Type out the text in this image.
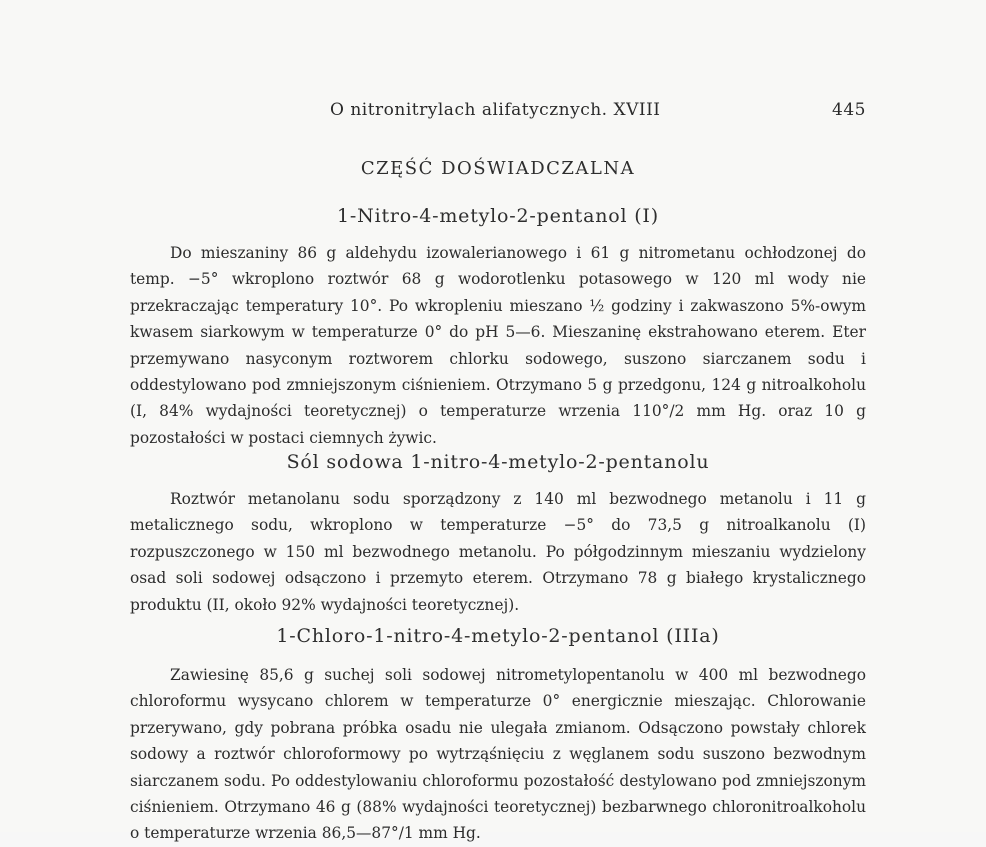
O nitronitrylach alifatycznych. XVIII	445
CZĘŚĆ DOŚWIADCZALNA
1-Nitro-4-metylo-2-pentanol (I)

Do mieszaniny 86 g aldehydu izowalerianowego i 61 g nitrometanu ochłodzonej do temp. −5° wkroplono roztwór 68 g wodorotlenku potasowego w 120 ml wody nie przekraczając temperatury 10°. Po wkropleniu mieszano ½ godziny i zakwaszono 5%-owym kwasem siarkowym w temperaturze 0° do pH 5—6. Mieszaninę ekstrahowano eterem. Eter przemywano nasyconym roztworem chlorku sodowego, suszono siarczanem sodu i oddestylowano pod zmniejszonym ciśnieniem. Otrzymano 5 g przedgonu, 124 g nitroalkoholu (I, 84% wydajności teoretycznej) o temperaturze wrzenia 110°/2 mm Hg. oraz 10 g pozostałości w postaci ciemnych żywic.

Sól sodowa 1-nitro-4-metylo-2-pentanolu

Roztwór metanolanu sodu sporządzony z 140 ml bezwodnego metanolu i 11 g metalicznego sodu, wkroplono w temperaturze −5° do 73,5 g nitroalkanolu (I) rozpuszczonego w 150 ml bezwodnego metanolu. Po półgodzinnym mieszaniu wydzielony osad soli sodowej odsączono i przemyto eterem. Otrzymano 78 g białego krystalicznego produktu (II, około 92% wydajności teoretycznej).

1-Chloro-1-nitro-4-metylo-2-pentanol (IIIa)

Zawiesinę 85,6 g suchej soli sodowej nitrometylopentanolu w 400 ml bezwodnego chloroformu wysycano chlorem w temperaturze 0° energicznie mieszając. Chlorowanie przerywano, gdy pobrana próbka osadu nie ulegała zmianom. Odsączono powstały chlorek sodowy a roztwór chloroformowy po wytrząśnięciu z węglanem sodu suszono bezwodnym siarczanem sodu. Po oddestylowaniu chloroformu pozostałość destylowano pod zmniejszonym ciśnieniem. Otrzymano 46 g (88% wydajności teoretycznej) bezbarwnego chloronitroalkoholu o temperaturze wrzenia 86,5—87°/1 mm Hg.
